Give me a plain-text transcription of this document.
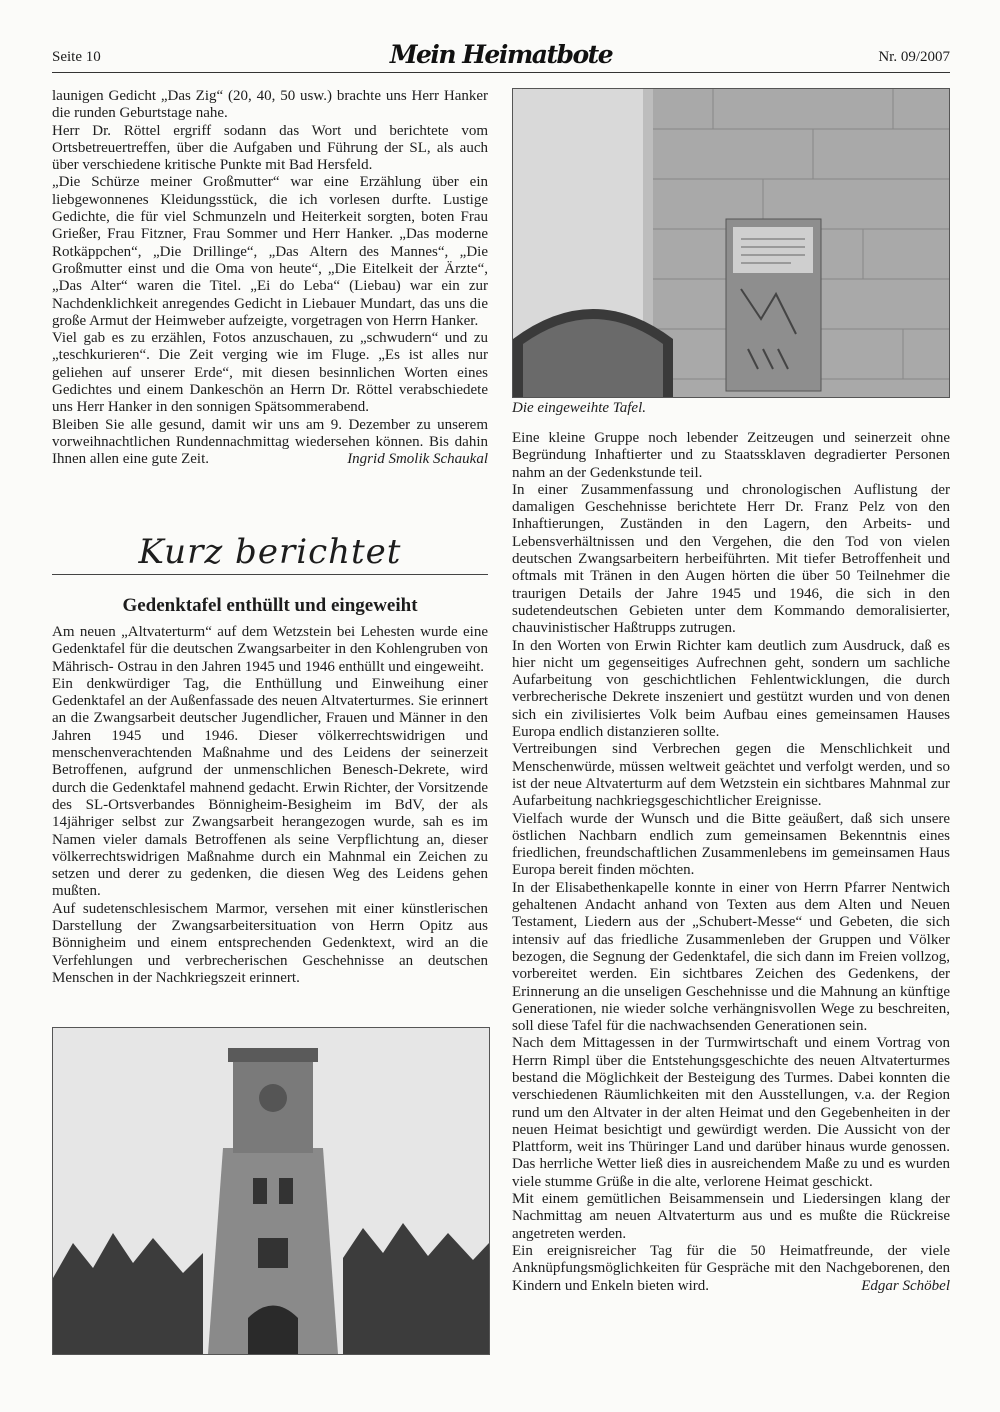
Seite 10	Mein Heimatbote	Nr. 09/2007

launigen Gedicht „Das Zig“ (20, 40, 50 usw.) brachte uns Herr Hanker die runden Geburtstage nahe.

Herr Dr. Röttel ergriff sodann das Wort und berichtete vom Ortsbetreuertreffen, über die Aufgaben und Führung der SL, als auch über verschiedene kritische Punkte mit Bad Hersfeld.

„Die Schürze meiner Großmutter“ war eine Erzählung über ein liebgewonnenes Kleidungsstück, die ich vorlesen durfte. Lustige Gedichte, die für viel Schmunzeln und Heiterkeit sorgten, boten Frau Grießer, Frau Fitzner, Frau Sommer und Herr Hanker. „Das moderne Rotkäppchen“, „Die Drillinge“, „Das Altern des Mannes“, „Die Großmutter einst und die Oma von heute“, „Die Eitelkeit der Ärzte“, „Das Alter“ waren die Titel. „Ei do Leba“ (Liebau) war ein zur Nachdenklichkeit anregendes Gedicht in Liebauer Mundart, das uns die große Armut der Heimweber aufzeigte, vorgetragen von Herrn Hanker.

Viel gab es zu erzählen, Fotos anzuschauen, zu „schwudern“ und zu „teschkurieren“. Die Zeit verging wie im Fluge. „Es ist alles nur geliehen auf unserer Erde“, mit diesen besinnlichen Worten eines Gedichtes und einem Dankeschön an Herrn Dr. Röttel verabschiedete uns Herr Hanker in den sonnigen Spätsommerabend.

Bleiben Sie alle gesund, damit wir uns am 9. Dezember zu unserem vorweihnachtlichen Rundennachmittag wiedersehen können. Bis dahin Ihnen allen eine gute Zeit.	Ingrid Smolik Schaukal

Kurz berichtet
Gedenktafel enthüllt und eingeweiht

Am neuen „Altvaterturm“ auf dem Wetzstein bei Lehesten wurde eine Gedenktafel für die deutschen Zwangsarbeiter in den Kohlengruben von Mährisch- Ostrau in den Jahren 1945 und 1946 enthüllt und eingeweiht.

Ein denkwürdiger Tag, die Enthüllung und Einweihung einer Gedenktafel an der Außenfassade des neuen Altvaterturmes. Sie erinnert an die Zwangsarbeit deutscher Jugendlicher, Frauen und Männer in den Jahren 1945 und 1946. Dieser völkerrechtswidrigen und menschenverachtenden Maßnahme und des Leidens der seinerzeit Betroffenen, aufgrund der unmenschlichen Benesch-Dekrete, wird durch die Gedenktafel mahnend gedacht. Erwin Richter, der Vorsitzende des SL-Ortsverbandes Bönnigheim-Besigheim im BdV, der als 14jähriger selbst zur Zwangsarbeit herangezogen wurde, sah es im Namen vieler damals Betroffenen als seine Verpflichtung an, dieser völkerrechtswidrigen Maßnahme durch ein Mahnmal ein Zeichen zu setzen und derer zu gedenken, die diesen Weg des Leidens gehen mußten.

Auf sudetenschlesischem Marmor, versehen mit einer künstlerischen Darstellung der Zwangsarbeitersituation von Herrn Opitz aus Bönnigheim und einem entsprechenden Gedenktext, wird an die Verfehlungen und verbrecherischen Geschehnisse an deutschen Menschen in der Nachkriegszeit erinnert.

Die eingeweihte Tafel.

Eine kleine Gruppe noch lebender Zeitzeugen und seinerzeit ohne Begründung Inhaftierter und zu Staatssklaven degradierter Personen nahm an der Gedenkstunde teil.

In einer Zusammenfassung und chronologischen Auflistung der damaligen Geschehnisse berichtete Herr Dr. Franz Pelz von den Inhaftierungen, Zuständen in den Lagern, den Arbeits- und Lebensverhältnissen und den Vergehen, die den Tod von vielen deutschen Zwangsarbeitern herbeiführten. Mit tiefer Betroffenheit und oftmals mit Tränen in den Augen hörten die über 50 Teilnehmer die traurigen Details der Jahre 1945 und 1946, die sich in den sudetendeutschen Gebieten unter dem Kommando demoralisierter, chauvinistischer Haßtrupps zutrugen.

In den Worten von Erwin Richter kam deutlich zum Ausdruck, daß es hier nicht um gegenseitiges Aufrechnen geht, sondern um sachliche Aufarbeitung von geschichtlichen Fehlentwicklungen, die durch verbrecherische Dekrete inszeniert und gestützt wurden und von denen sich ein zivilisiertes Volk beim Aufbau eines gemeinsamen Hauses Europa endlich distanzieren sollte.

Vertreibungen sind Verbrechen gegen die Menschlichkeit und Menschenwürde, müssen weltweit geächtet und verfolgt werden, und so ist der neue Altvaterturm auf dem Wetzstein ein sichtbares Mahnmal zur Aufarbeitung nachkriegsgeschichtlicher Ereignisse.

Vielfach wurde der Wunsch und die Bitte geäußert, daß sich unsere östlichen Nachbarn endlich zum gemeinsamen Bekenntnis eines friedlichen, freundschaftlichen Zusammenlebens im gemeinsamen Haus Europa bereit finden möchten.

In der Elisabethenkapelle konnte in einer von Herrn Pfarrer Nentwich gehaltenen Andacht anhand von Texten aus dem Alten und Neuen Testament, Liedern aus der „Schubert-Messe“ und Gebeten, die sich intensiv auf das friedliche Zusammenleben der Gruppen und Völker bezogen, die Segnung der Gedenktafel, die sich dann im Freien vollzog, vorbereitet werden. Ein sichtbares Zeichen des Gedenkens, der Erinnerung an die unseligen Geschehnisse und die Mahnung an künftige Generationen, nie wieder solche verhängnisvollen Wege zu beschreiten, soll diese Tafel für die nachwachsenden Generationen sein.

Nach dem Mittagessen in der Turmwirtschaft und einem Vortrag von Herrn Rimpl über die Entstehungsgeschichte des neuen Altvaterturmes bestand die Möglichkeit der Besteigung des Turmes. Dabei konnten die verschiedenen Räumlichkeiten mit den Ausstellungen, v.a. der Region rund um den Altvater in der alten Heimat und den Gegebenheiten in der neuen Heimat besichtigt und gewürdigt werden. Die Aussicht von der Plattform, weit ins Thüringer Land und darüber hinaus wurde genossen. Das herrliche Wetter ließ dies in ausreichendem Maße zu und es wurden viele stumme Grüße in die alte, verlorene Heimat geschickt.

Mit einem gemütlichen Beisammensein und Liedersingen klang der Nachmittag am neuen Altvaterturm aus und es mußte die Rückreise angetreten werden.

Ein ereignisreicher Tag für die 50 Heimatfreunde, der viele Anknüpfungsmöglichkeiten für Gespräche mit den Nachgeborenen, den Kindern und Enkeln bieten wird.	Edgar Schöbel
